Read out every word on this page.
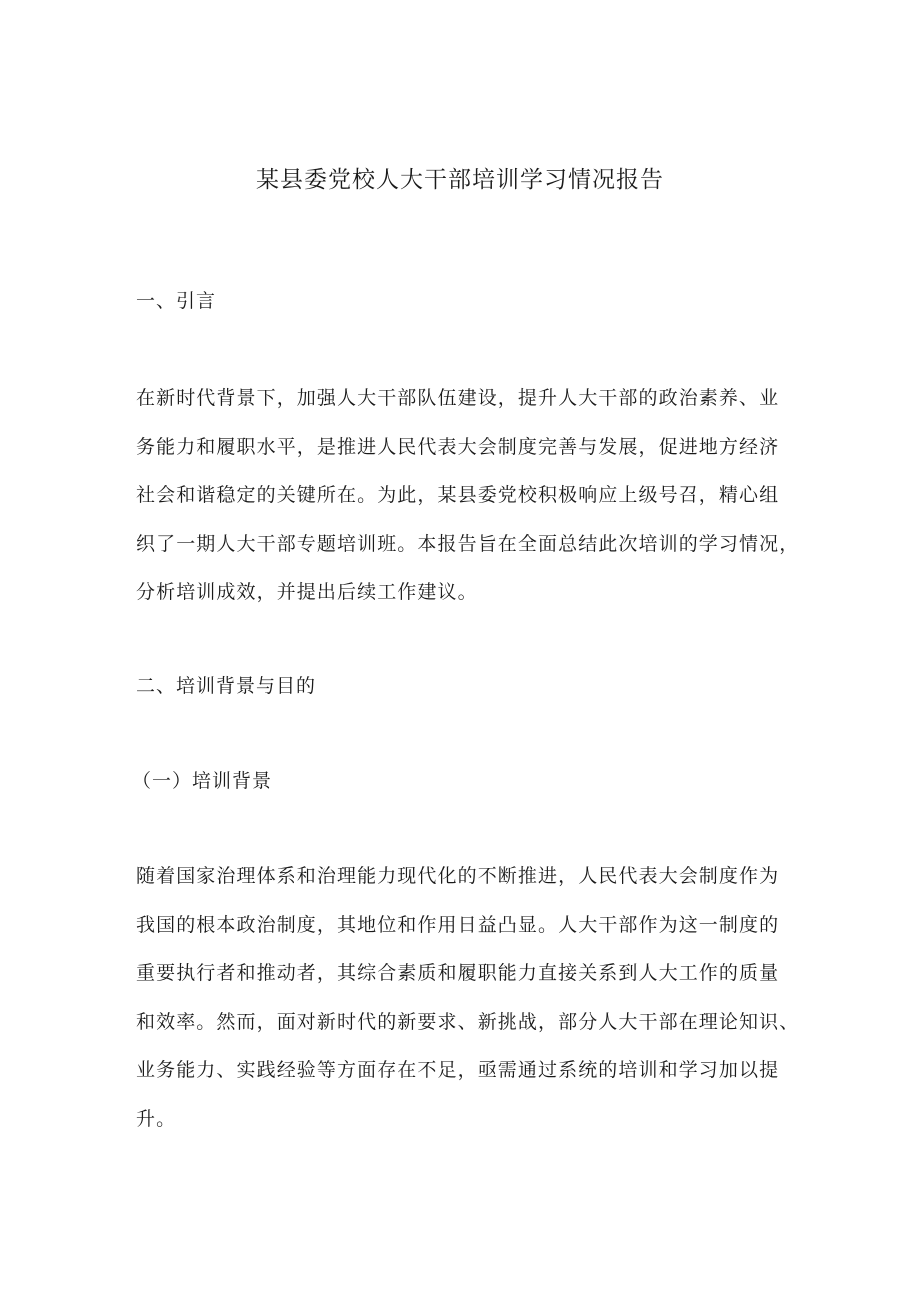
某县委党校人大干部培训学习情况报告
一、引言

在新时代背景下，加强人大干部队伍建设，提升人大干部的政治素养、业
务能力和履职水平，是推进人民代表大会制度完善与发展，促进地方经济
社会和谐稳定的关键所在。为此，某县委党校积极响应上级号召，精心组
织了一期人大干部专题培训班。本报告旨在全面总结此次培训的学习情况，
分析培训成效，并提出后续工作建议。

二、培训背景与目的
（一）培训背景

随着国家治理体系和治理能力现代化的不断推进，人民代表大会制度作为
我国的根本政治制度，其地位和作用日益凸显。人大干部作为这一制度的
重要执行者和推动者，其综合素质和履职能力直接关系到人大工作的质量
和效率。然而，面对新时代的新要求、新挑战，部分人大干部在理论知识、
业务能力、实践经验等方面存在不足，亟需通过系统的培训和学习加以提
升。
